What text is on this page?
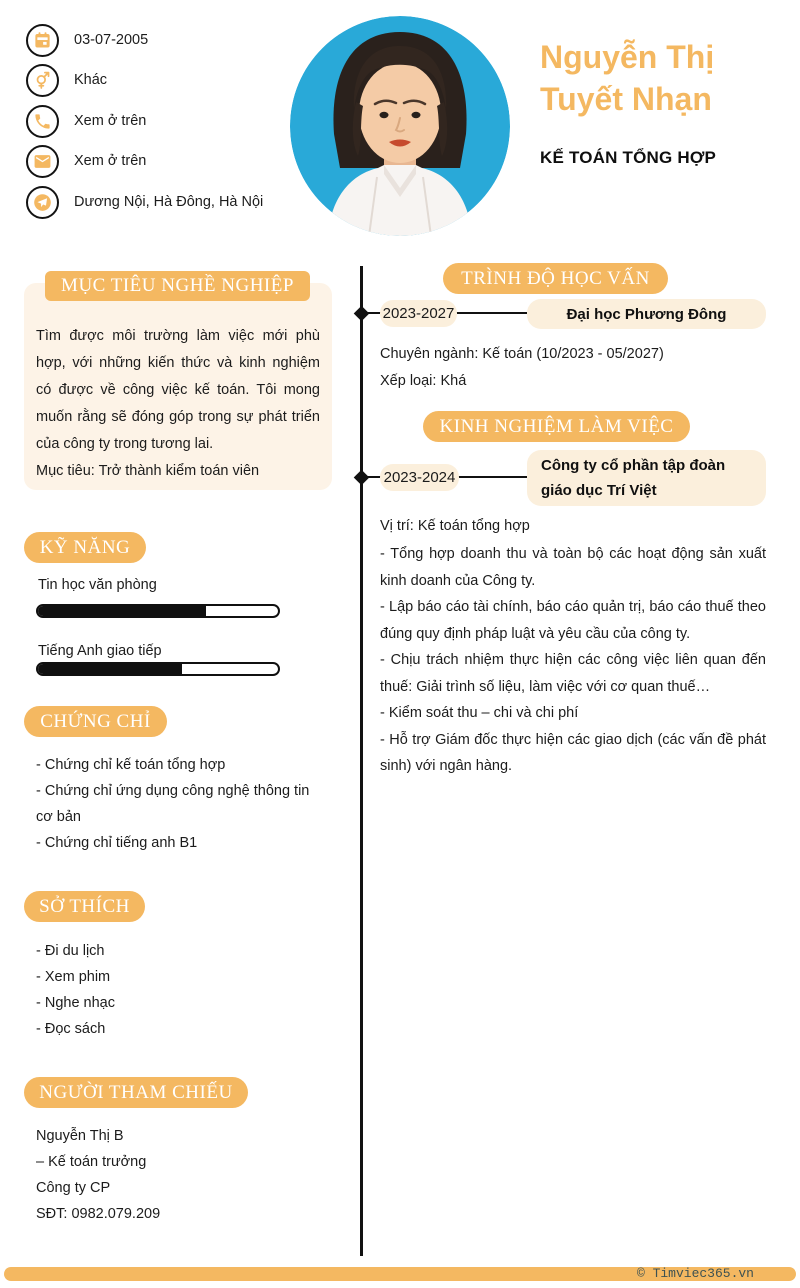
03-07-2005
Khác
Xem ở trên
Xem ở trên
Dương Nội, Hà Đông, Hà Nội
Nguyễn Thị
Tuyết Nhạn
KẾ TOÁN TỔNG HỢP
Tìm được môi trường làm việc mới phù hợp, với những kiến thức và kinh nghiệm có được về công việc kế toán. Tôi mong muốn rằng sẽ đóng góp trong sự phát triển của công ty trong tương lai.
Mục tiêu: Trở thành kiểm toán viên
MỤC TIÊU NGHỀ NGHIỆP
KỸ NĂNG
Tin học văn phòng
Tiếng Anh giao tiếp
CHỨNG CHỈ
- Chứng chỉ kế toán tổng hợp
- Chứng chỉ ứng dụng công nghệ thông tin cơ bản
- Chứng chỉ tiếng anh B1
SỞ THÍCH
- Đi du lịch
- Xem phim
- Nghe nhạc
- Đọc sách
NGƯỜI THAM CHIẾU
Nguyễn Thị B
– Kế toán trưởng
Công ty CP
SĐT: 0982.079.209
TRÌNH ĐỘ HỌC VẤN
2023-2027	Đại học Phương Đông
Chuyên ngành: Kế toán (10/2023 - 05/2027)
Xếp loại: Khá
KINH NGHIỆM LÀM VIỆC
2023-2024
Công ty cổ phần tập đoàn giáo dục Trí Việt
Vị trí: Kế toán tổng hợp
- Tổng hợp doanh thu và toàn bộ các hoạt động sản xuất kinh doanh của Công ty.
- Lập báo cáo tài chính, báo cáo quản trị, báo cáo thuế theo đúng quy định pháp luật và yêu cầu của công ty.
- Chịu trách nhiệm thực hiện các công việc liên quan đến thuế: Giải trình số liệu, làm việc với cơ quan thuế…
- Kiểm soát thu – chi và chi phí
- Hỗ trợ Giám đốc thực hiện các giao dịch (các vấn đề phát sinh) với ngân hàng.
© Timviec365.vn
